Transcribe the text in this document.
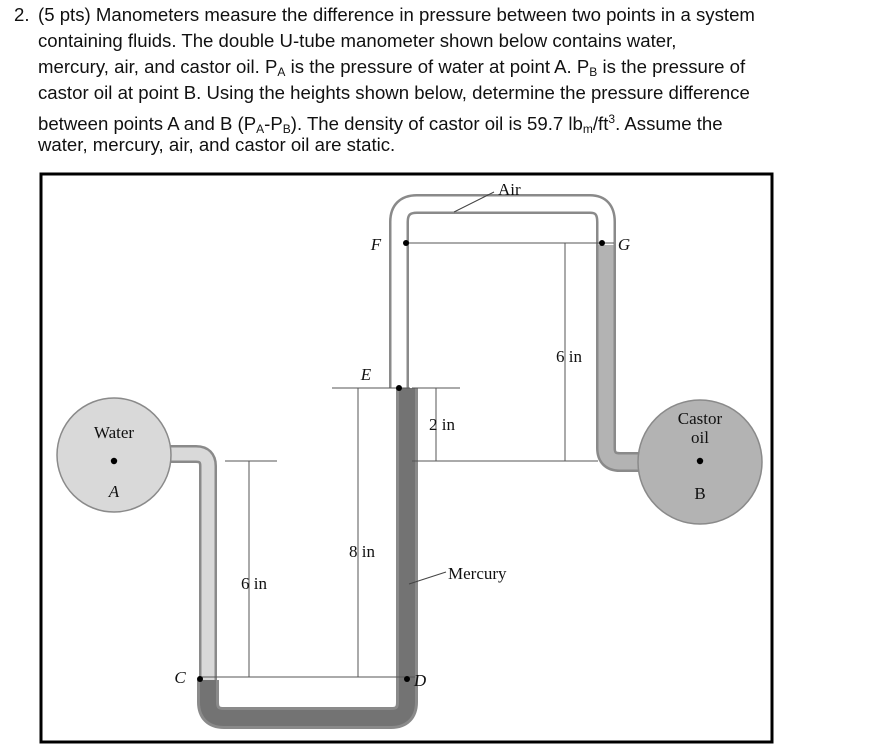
2. (5 pts) Manometers measure the difference in pressure between two points in a system
containing fluids. The double U-tube manometer shown below contains water,
mercury, air, and castor oil. $P_A$ is the pressure of water at point A. $P_B$ is the pressure of
castor oil at point B. Using the heights shown below, determine the pressure difference
between points A and B $(P_A-P_B)$. The density of castor oil is 59.7 $lb_m/ft^3$. Assume the
water, mercury, air, and castor oil are static.
Water
Castor
oil
Air
Mercury
A	B
C	D
E
F	G
6 in
8 in
2 in
6 in
